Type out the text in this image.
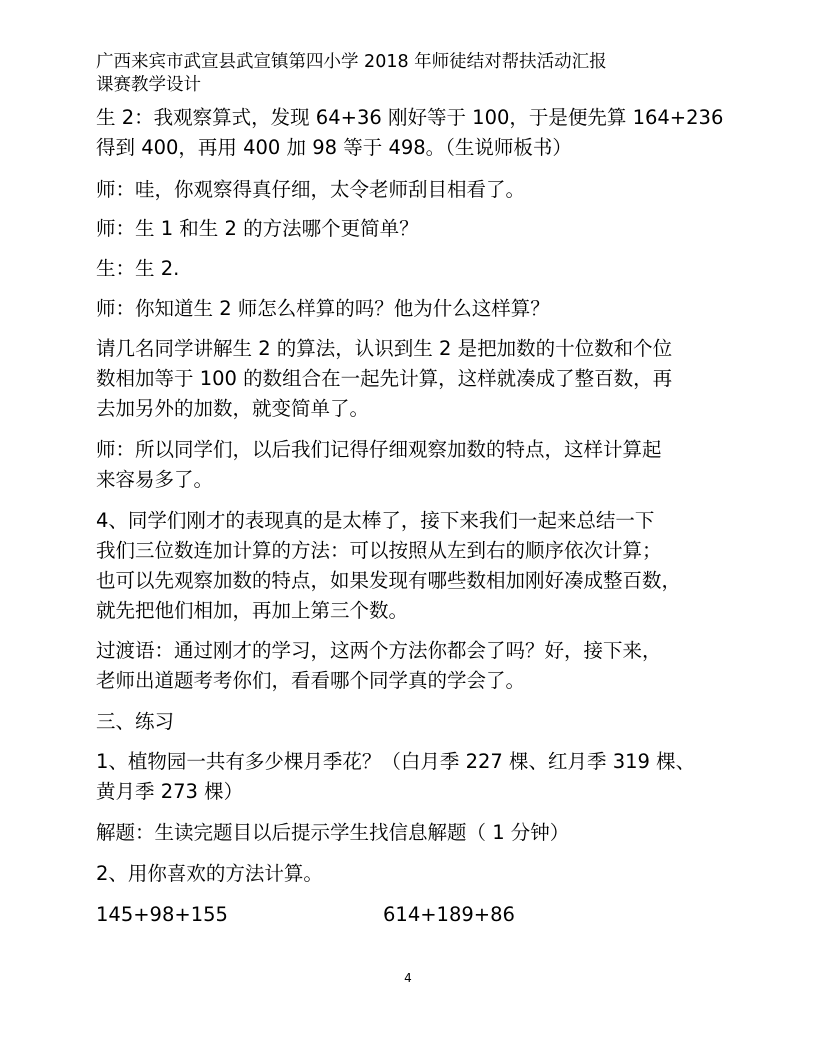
广西来宾市武宣县武宣镇第四小学 2018 年师徒结对帮扶活动汇报
课赛教学设计
生 2：我观察算式，发现 64+36 刚好等于 100，于是便先算 164+236
得到 400，再用 400 加 98 等于 498。（生说师板书）
师：哇，你观察得真仔细，太令老师刮目相看了。
师：生 1 和生 2 的方法哪个更简单？
生：生 2.
师：你知道生 2 师怎么样算的吗？他为什么这样算？
请几名同学讲解生 2 的算法，认识到生 2 是把加数的十位数和个位
数相加等于 100 的数组合在一起先计算，这样就凑成了整百数，再
去加另外的加数，就变简单了。
师：所以同学们，以后我们记得仔细观察加数的特点，这样计算起
来容易多了。
4、同学们刚才的表现真的是太棒了，接下来我们一起来总结一下
我们三位数连加计算的方法：可以按照从左到右的顺序依次计算；
也可以先观察加数的特点，如果发现有哪些数相加刚好凑成整百数，
就先把他们相加，再加上第三个数。
过渡语：通过刚才的学习，这两个方法你都会了吗？好，接下来，
老师出道题考考你们，看看哪个同学真的学会了。
三、练习
1、植物园一共有多少棵月季花？（白月季 227 棵、红月季 319 棵、
黄月季 273 棵）
解题：生读完题目以后提示学生找信息解题（ 1 分钟）
2、用你喜欢的方法计算。
145+98+155	614+189+86
4
